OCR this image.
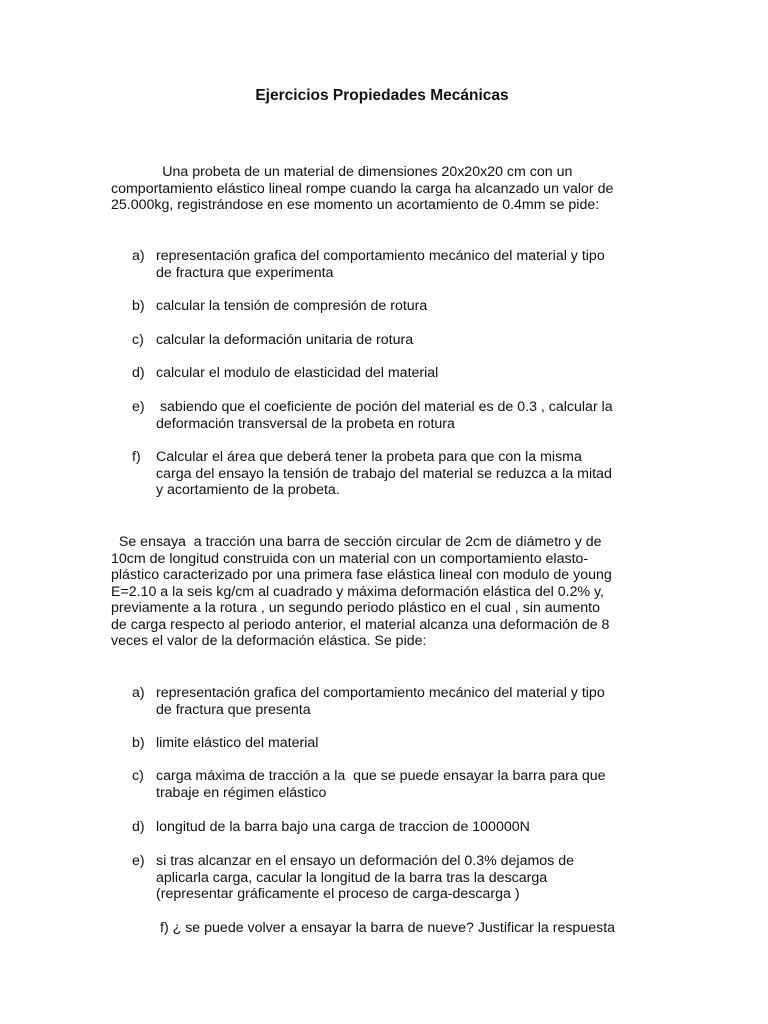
Ejercicios Propiedades Mecánicas
Una probeta de un material de dimensiones 20x20x20 cm con un
comportamiento elástico lineal rompe cuando la carga ha alcanzado un valor de
25.000kg, registrándose en ese momento un acortamiento de 0.4mm se pide:
a) representación grafica del comportamiento mecánico del material y tipo
de fractura que experimenta
b) calcular la tensión de compresión de rotura
c) calcular la deformación unitaria de rotura
d) calcular el modulo de elasticidad del material
e) sabiendo que el coeficiente de poción del material es de 0.3 , calcular la
deformación transversal de la probeta en rotura
f) Calcular el área que deberá tener la probeta para que con la misma
carga del ensayo la tensión de trabajo del material se reduzca a la mitad
y acortamiento de la probeta.
Se ensaya  a tracción una barra de sección circular de 2cm de diámetro y de
10cm de longitud construida con un material con un comportamiento elasto-
plástico caracterizado por una primera fase elástica lineal con modulo de young
E=2.10 a la seis kg/cm al cuadrado y máxima deformación elástica del 0.2% y,
previamente a la rotura , un segundo periodo plástico en el cual , sin aumento
de carga respecto al periodo anterior, el material alcanza una deformación de 8
veces el valor de la deformación elástica. Se pide:
a) representación grafica del comportamiento mecánico del material y tipo
de fractura que presenta
b) limite elástico del material
c) carga máxima de tracción a la  que se puede ensayar la barra para que
trabaje en régimen elástico
d) longitud de la barra bajo una carga de traccion de 100000N
e) si tras alcanzar en el ensayo un deformación del 0.3% dejamos de
aplicarla carga, cacular la longitud de la barra tras la descarga
(representar gráficamente el proceso de carga-descarga )
f) ¿ se puede volver a ensayar la barra de nueve? Justificar la respuesta
